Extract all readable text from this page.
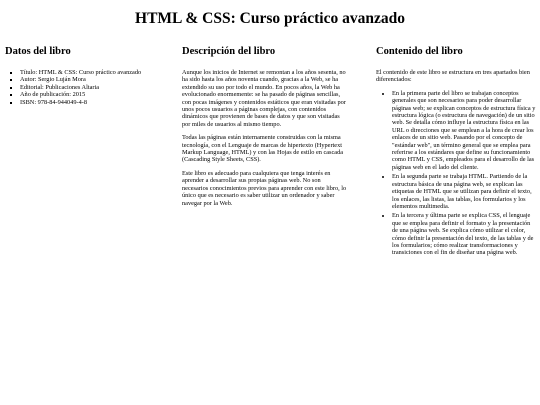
HTML & CSS: Curso práctico avanzado
Datos del libro
▪ Título: HTML & CSS: Curso práctico avanzado
▪ Autor: Sergio Luján Mora
▪ Editorial: Publicaciones Altaria
▪ Año de publicación: 2015
▪ ISBN: 978-84-944049-4-8
Descripción del libro

Aunque los inicios de Internet se remontan a los años sesenta, no ha sido hasta los años noventa cuando, gracias a la Web, se ha extendido su uso por todo el mundo. En pocos años, la Web ha evolucionado enormemente: se ha pasado de páginas sencillas, con pocas imágenes y contenidos estáticos que eran visitadas por unos pocos usuarios a páginas complejas, con contenidos dinámicos que provienen de bases de datos y que son visitadas por miles de usuarios al mismo tiempo.

Todas las páginas están internamente construidas con la misma tecnología, con el Lenguaje de marcas de hipertexto (Hypertext Markup Language, HTML) y con las Hojas de estilo en cascada (Cascading Style Sheets, CSS).

Este libro es adecuado para cualquiera que tenga interés en aprender a desarrollar sus propias páginas web. No son necesarios conocimientos previos para aprender con este libro, lo único que es necesario es saber utilizar un ordenador y saber navegar por la Web.

Contenido del libro

El contenido de este libro se estructura en tres apartados bien diferenciados:

• En la primera parte del libro se trabajan conceptos generales que son necesarios para poder desarrollar páginas web; se explican conceptos de estructura física y estructura lógica (o estructura de navegación) de un sitio web. Se detalla cómo influye la estructura física en las URL o direcciones que se emplean a la hora de crear los enlaces de un sitio web. Pasando por el concepto de "estándar web", un término general que se emplea para referirse a los estándares que define su funcionamiento como HTML y CSS, empleados para el desarrollo de las páginas web en el lado del cliente.
• En la segunda parte se trabaja HTML. Partiendo de la estructura básica de una página web, se explican las etiquetas de HTML que se utilizan para definir el texto, los enlaces, las listas, las tablas, los formularios y los elementos multimedia.
• En la tercera y última parte se explica CSS, el lenguaje que se emplea para definir el formato y la presentación de una página web. Se explica cómo utilizar el color, cómo definir la presentación del texto, de las tablas y de los formularios; cómo realizar transformaciones y transiciones con el fin de diseñar una página web.
